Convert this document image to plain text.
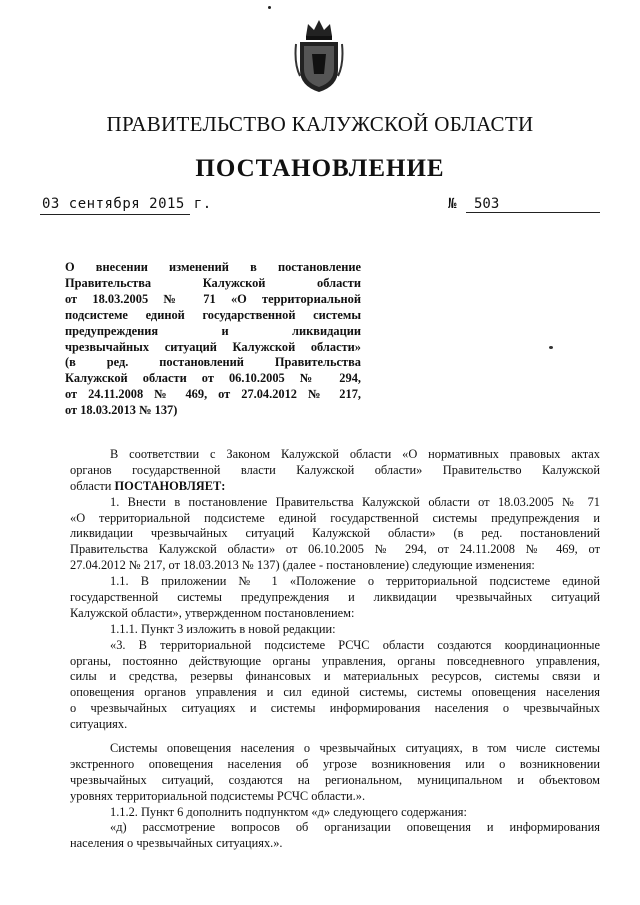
ПРАВИТЕЛЬСТВО КАЛУЖСКОЙ ОБЛАСТИ
ПОСТАНОВЛЕНИЕ
03 сентября 2015 г.	№ 503
О внесении изменений в постановление
Правительства Калужской области
от 18.03.2005 № 71 «О территориальной
подсистеме единой государственной системы
предупреждения и ликвидации
чрезвычайных ситуаций Калужской области»
(в ред. постановлений Правительства
Калужской области от 06.10.2005 № 294,
от 24.11.2008 № 469, от 27.04.2012 № 217,
от 18.03.2013 № 137)
В соответствии с Законом Калужской области «О нормативных правовых актах
органов государственной власти Калужской области» Правительство Калужской
области ПОСТАНОВЛЯЕТ:
1. Внести в постановление Правительства Калужской области от 18.03.2005 № 71
«О территориальной подсистеме единой государственной системы предупреждения и
ликвидации чрезвычайных ситуаций Калужской области» (в ред. постановлений
Правительства Калужской области» от 06.10.2005 № 294, от 24.11.2008 № 469, от
27.04.2012 № 217, от 18.03.2013 № 137) (далее - постановление) следующие изменения:
1.1. В приложении № 1 «Положение о территориальной подсистеме единой
государственной системы предупреждения и ликвидации чрезвычайных ситуаций
Калужской области», утвержденном постановлением:
1.1.1. Пункт 3 изложить в новой редакции:
«3. В территориальной подсистеме РСЧС области создаются координационные
органы, постоянно действующие органы управления, органы повседневного управления,
силы и средства, резервы финансовых и материальных ресурсов, системы связи и
оповещения органов управления и сил единой системы, системы оповещения населения
о чрезвычайных ситуациях и системы информирования населения о чрезвычайных
ситуациях.
Системы оповещения населения о чрезвычайных ситуациях, в том числе системы
экстренного оповещения населения об угрозе возникновения или о возникновении
чрезвычайных ситуаций, создаются на региональном, муниципальном и объектовом
уровнях территориальной подсистемы РСЧС области.».
1.1.2. Пункт 6 дополнить подпунктом «д» следующего содержания:
«д) рассмотрение вопросов об организации оповещения и информирования
населения о чрезвычайных ситуациях.».
